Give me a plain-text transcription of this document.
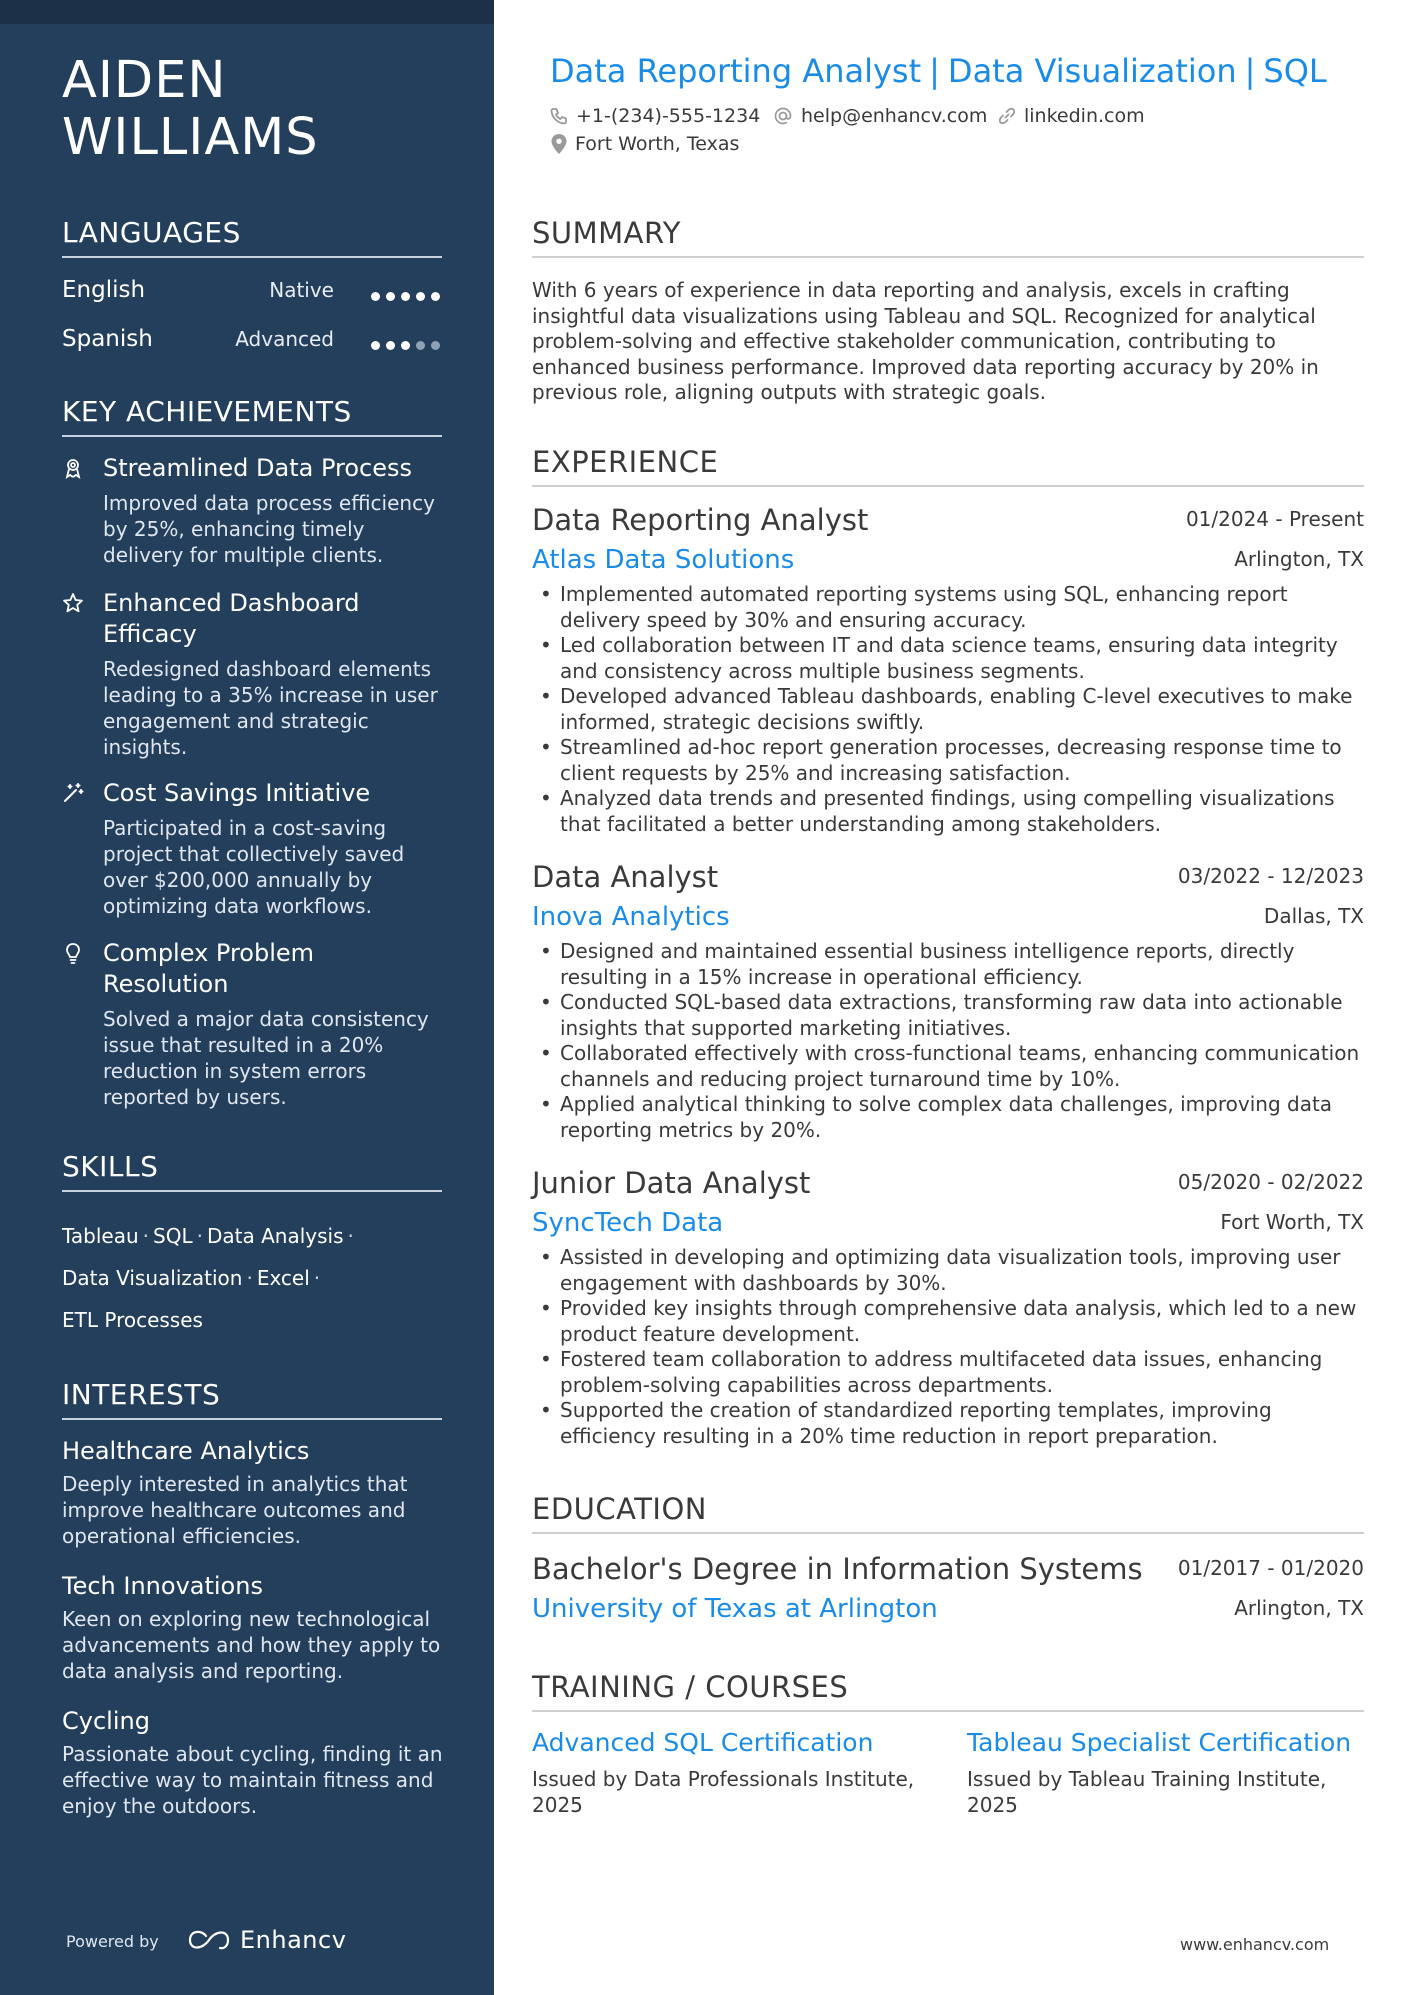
AIDEN
WILLIAMS
LANGUAGES
English	Native
Spanish	Advanced
KEY ACHIEVEMENTS
Streamlined Data Process
Improved data process efficiency by 25%, enhancing timely delivery for multiple clients.
Enhanced Dashboard Efficacy
Redesigned dashboard elements leading to a 35% increase in user engagement and strategic insights.
Cost Savings Initiative
Participated in a cost-saving project that collectively saved over $200,000 annually by optimizing data workflows.
Complex Problem Resolution
Solved a major data consistency issue that resulted in a 20% reduction in system errors reported by users.
SKILLS
Tableau · SQL · Data Analysis ·
Data Visualization · Excel ·
ETL Processes
INTERESTS
Healthcare Analytics
Deeply interested in analytics that improve healthcare outcomes and operational efficiencies.
Tech Innovations
Keen on exploring new technological advancements and how they apply to data analysis and reporting.
Cycling
Passionate about cycling, finding it an effective way to maintain fitness and enjoy the outdoors.
Powered by	Enhancv
Data Reporting Analyst | Data Visualization | SQL
+1-(234)-555-1234 help@enhancv.com linkedin.com
Fort Worth, Texas
SUMMARY
With 6 years of experience in data reporting and analysis, excels in crafting insightful data visualizations using Tableau and SQL. Recognized for analytical problem-solving and effective stakeholder communication, contributing to enhanced business performance. Improved data reporting accuracy by 20% in previous role, aligning outputs with strategic goals.
EXPERIENCE
Data Reporting Analyst	01/2024 - Present
Atlas Data Solutions	Arlington, TX
• Implemented automated reporting systems using SQL, enhancing report delivery speed by 30% and ensuring accuracy.
• Led collaboration between IT and data science teams, ensuring data integrity and consistency across multiple business segments.
• Developed advanced Tableau dashboards, enabling C-level executives to make informed, strategic decisions swiftly.
• Streamlined ad-hoc report generation processes, decreasing response time to client requests by 25% and increasing satisfaction.
• Analyzed data trends and presented findings, using compelling visualizations that facilitated a better understanding among stakeholders.
Data Analyst	03/2022 - 12/2023
Inova Analytics	Dallas, TX
• Designed and maintained essential business intelligence reports, directly resulting in a 15% increase in operational efficiency.
• Conducted SQL-based data extractions, transforming raw data into actionable insights that supported marketing initiatives.
• Collaborated effectively with cross-functional teams, enhancing communication channels and reducing project turnaround time by 10%.
• Applied analytical thinking to solve complex data challenges, improving data reporting metrics by 20%.
Junior Data Analyst	05/2020 - 02/2022
SyncTech Data	Fort Worth, TX
• Assisted in developing and optimizing data visualization tools, improving user engagement with dashboards by 30%.
• Provided key insights through comprehensive data analysis, which led to a new product feature development.
• Fostered team collaboration to address multifaceted data issues, enhancing problem-solving capabilities across departments.
• Supported the creation of standardized reporting templates, improving efficiency resulting in a 20% time reduction in report preparation.
EDUCATION
Bachelor's Degree in Information Systems 01/2017 - 01/2020
University of Texas at Arlington	Arlington, TX
TRAINING / COURSES
Advanced SQL Certification
Issued by Data Professionals Institute, 2025
Tableau Specialist Certification
Issued by Tableau Training Institute, 2025
www.enhancv.com
